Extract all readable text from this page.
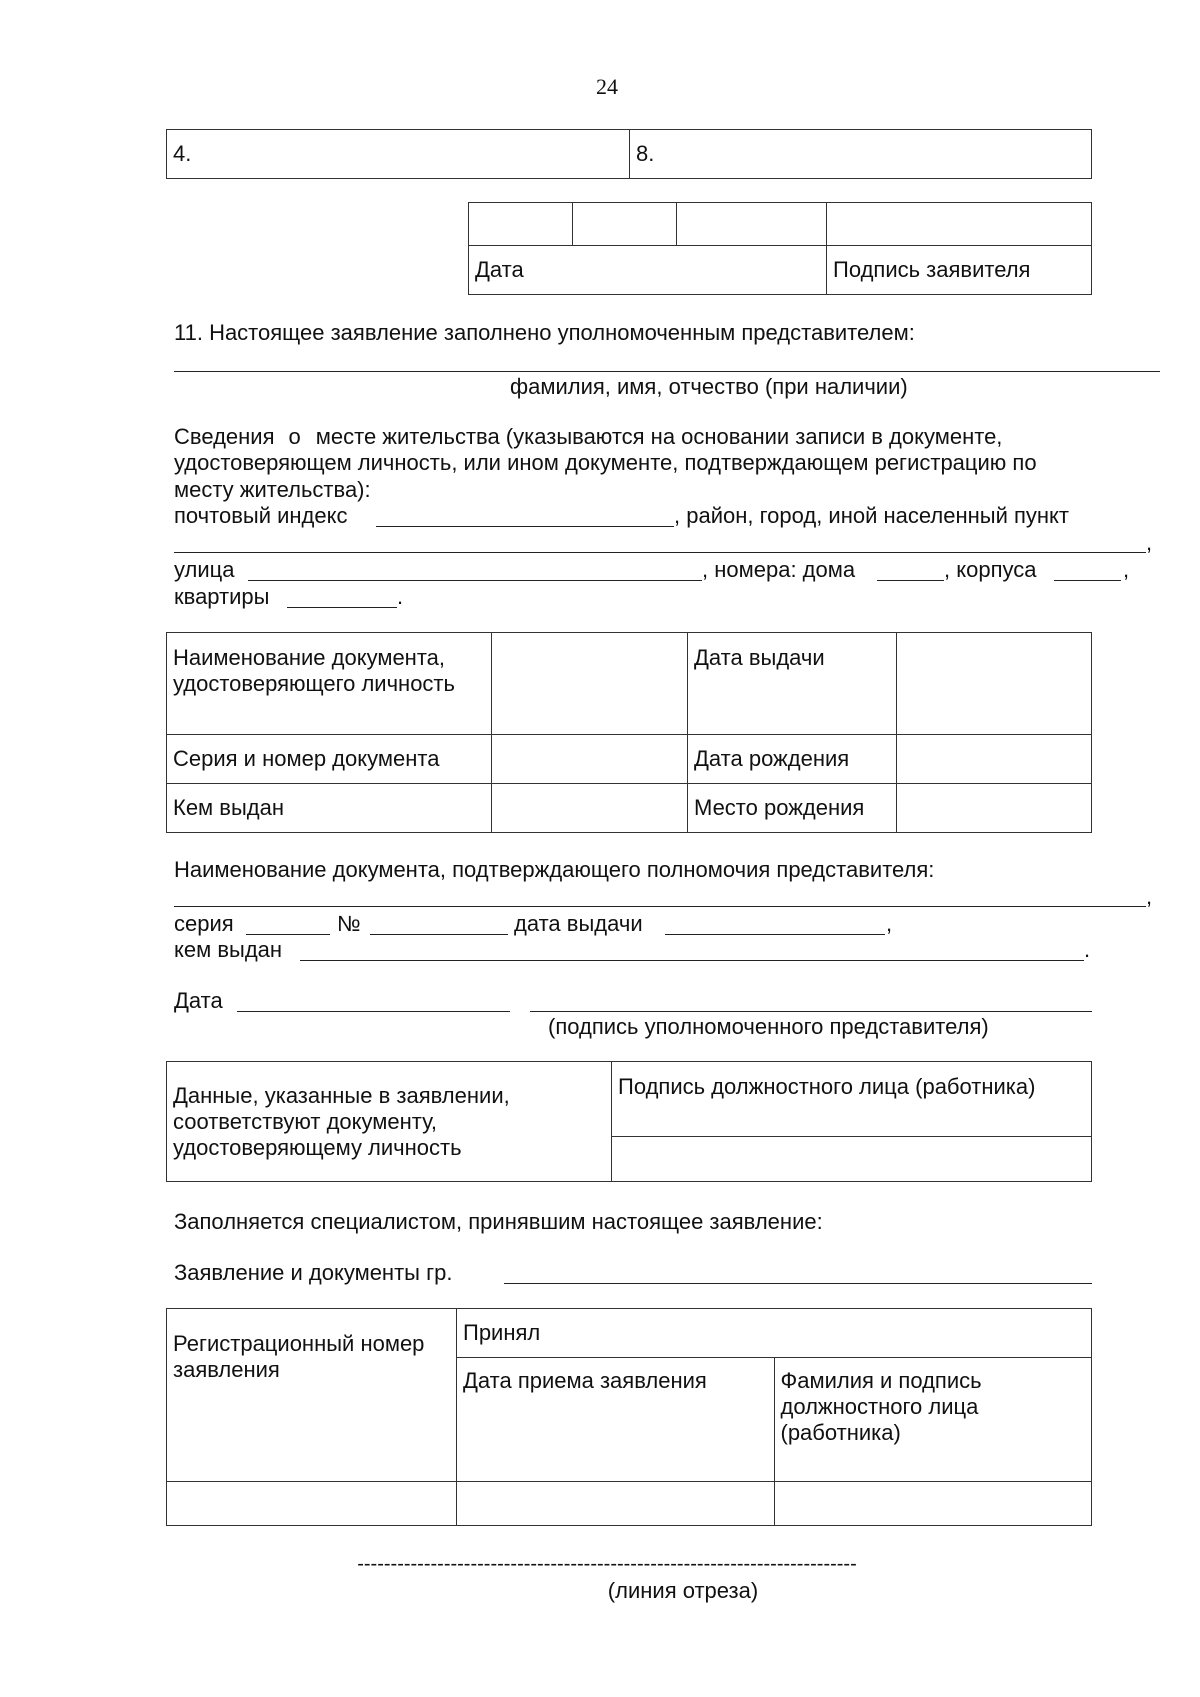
24
4.	8.

Дата			Подпись заявителя
11. Настоящее заявление заполнено уполномоченным представителем:
фамилия, имя, отчество (при наличии)
Сведения о месте жительства (указываются на основании записи в документе,
удостоверяющем личность, или ином документе, подтверждающем регистрацию по
месту жительства):
почтовый индекс	, район, город, иной населенный пункт
,
улица	, номера: дома	, корпуса	,
квартиры	.
Наименование документа, удостоверяющего личность		Дата выдачи	
Серия и номер документа		Дата рождения	
Кем выдан		Место рождения	
Наименование документа, подтверждающего полномочия представителя:
,
серия	№	дата выдачи	,
кем выдан	.
Дата
(подпись уполномоченного представителя)
Данные, указанные в заявлении, соответствуют документу, удостоверяющему личность	Подпись должностного лица (работника)

Заполняется специалистом, принявшим настоящее заявление:
Заявление и документы гр.
Регистрационный номер заявления	Принял	
	Дата приема заявления	Фамилия и подпись должностного лица (работника)

---------------------------------------------------------------------------
(линия отреза)
